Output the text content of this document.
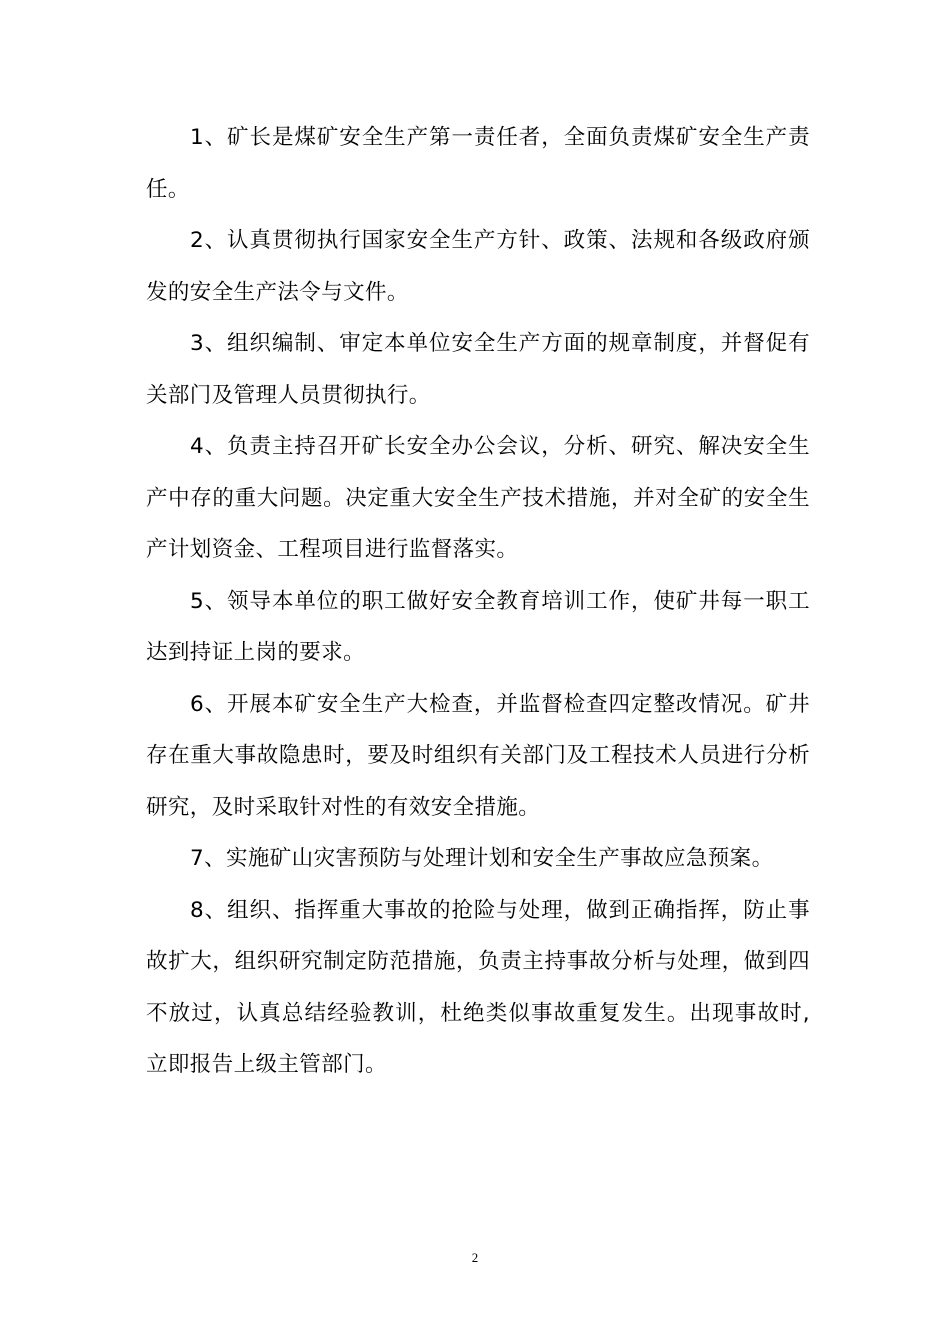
1、矿长是煤矿安全生产第一责任者，全面负责煤矿安全生产责任。

2、认真贯彻执行国家安全生产方针、政策、法规和各级政府颁发的安全生产法令与文件。

3、组织编制、审定本单位安全生产方面的规章制度，并督促有关部门及管理人员贯彻执行。

4、负责主持召开矿长安全办公会议，分析、研究、解决安全生产中存的重大问题。决定重大安全生产技术措施，并对全矿的安全生产计划资金、工程项目进行监督落实。

5、领导本单位的职工做好安全教育培训工作，使矿井每一职工达到持证上岗的要求。

6、开展本矿安全生产大检查，并监督检查四定整改情况。矿井存在重大事故隐患时，要及时组织有关部门及工程技术人员进行分析研究，及时采取针对性的有效安全措施。

7、实施矿山灾害预防与处理计划和安全生产事故应急预案。

8、组织、指挥重大事故的抢险与处理，做到正确指挥，防止事故扩大，组织研究制定防范措施，负责主持事故分析与处理，做到四不放过，认真总结经验教训，杜绝类似事故重复发生。出现事故时,立即报告上级主管部门。

2
